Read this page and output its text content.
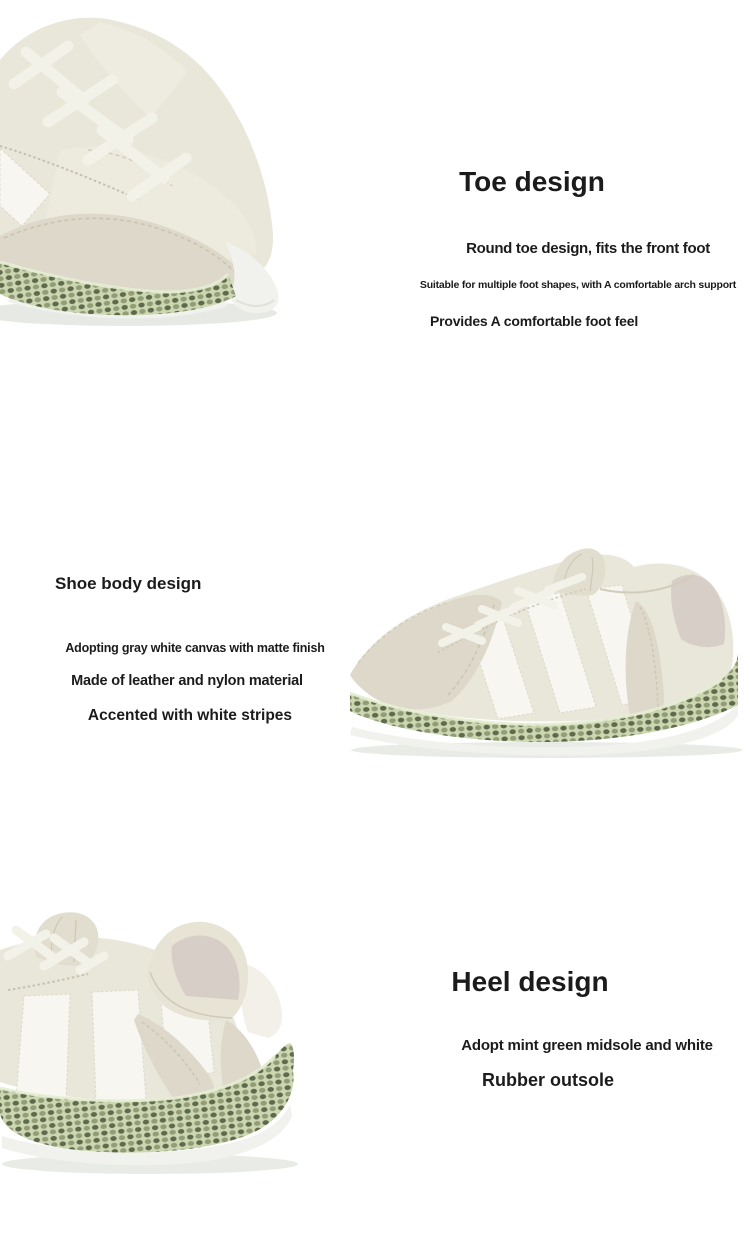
Toe design

Round toe design, fits the front foot

Suitable for multiple foot shapes, with A comfortable arch support

Provides A comfortable foot feel

Shoe body design

Adopting gray white canvas with matte finish

Made of leather and nylon material

Accented with white stripes

Heel design

Adopt mint green midsole and white

Rubber outsole
